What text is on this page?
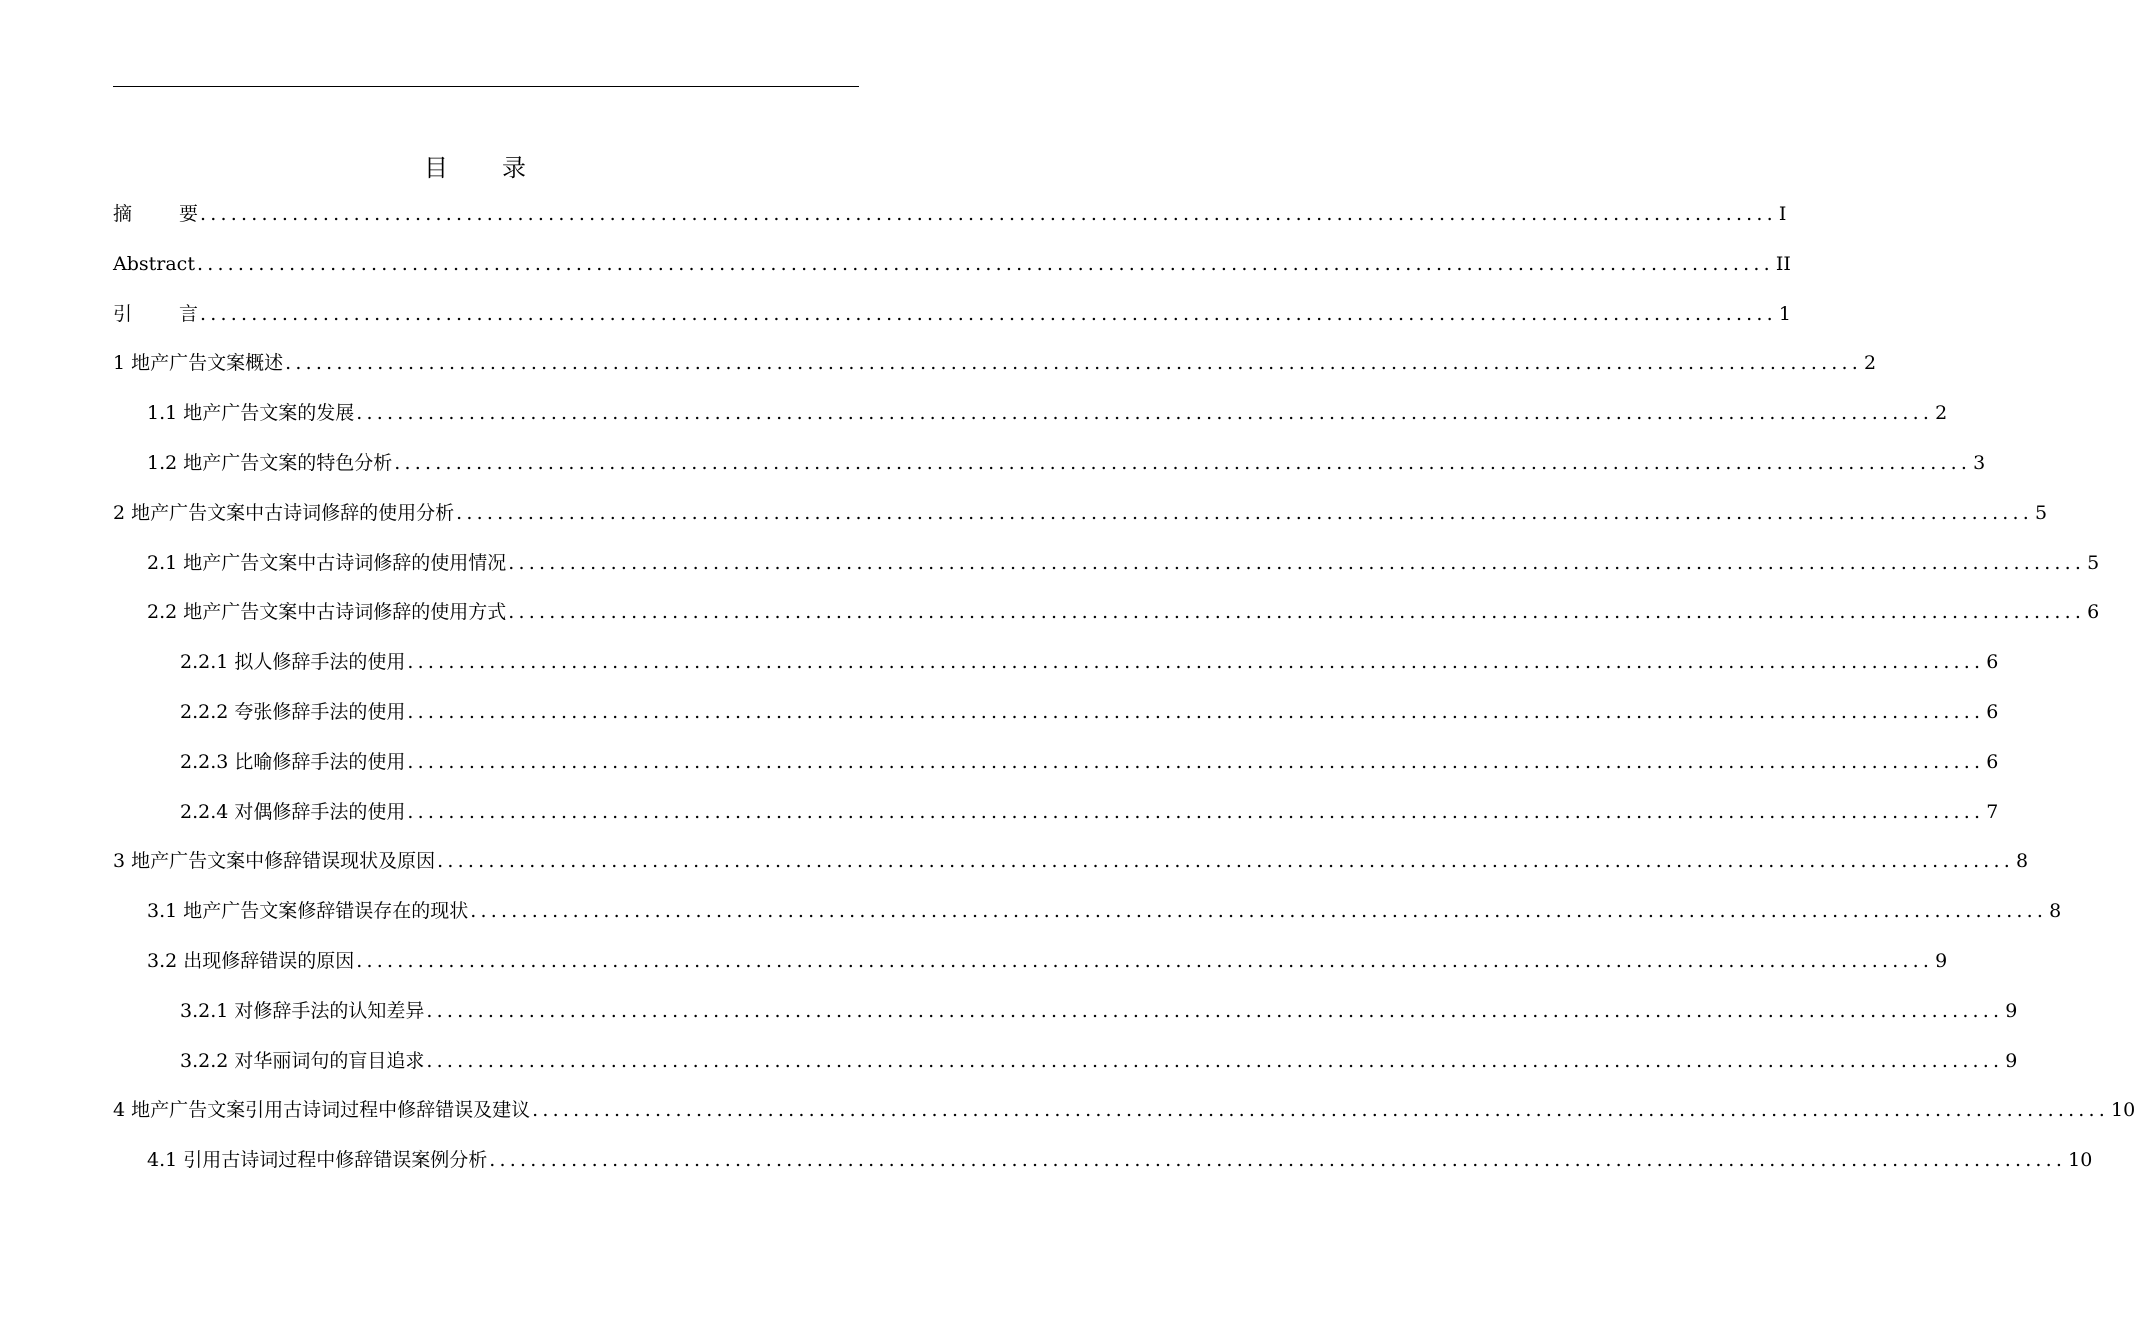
目 录
摘 要 .......................................................................................................................................................... I
Abstract .......................................................................................................................................................... II
引 言 .......................................................................................................................................................... 1
1 地产广告文案概述 .......................................................................................................................................................... 2
1.1 地产广告文案的发展 .......................................................................................................................................................... 2
1.2 地产广告文案的特色分析 .......................................................................................................................................................... 3
2 地产广告文案中古诗词修辞的使用分析 .......................................................................................................................................................... 5
2.1 地产广告文案中古诗词修辞的使用情况 .......................................................................................................................................................... 5
2.2 地产广告文案中古诗词修辞的使用方式 .......................................................................................................................................................... 6
2.2.1 拟人修辞手法的使用 .......................................................................................................................................................... 6
2.2.2 夸张修辞手法的使用 .......................................................................................................................................................... 6
2.2.3 比喻修辞手法的使用 .......................................................................................................................................................... 6
2.2.4 对偶修辞手法的使用 .......................................................................................................................................................... 7
3 地产广告文案中修辞错误现状及原因 .......................................................................................................................................................... 8
3.1 地产广告文案修辞错误存在的现状 .......................................................................................................................................................... 8
3.2 出现修辞错误的原因 .......................................................................................................................................................... 9
3.2.1 对修辞手法的认知差异 .......................................................................................................................................................... 9
3.2.2 对华丽词句的盲目追求 .......................................................................................................................................................... 9
4 地产广告文案引用古诗词过程中修辞错误及建议 .......................................................................................................................................................... 10
4.1 引用古诗词过程中修辞错误案例分析 .......................................................................................................................................................... 10
